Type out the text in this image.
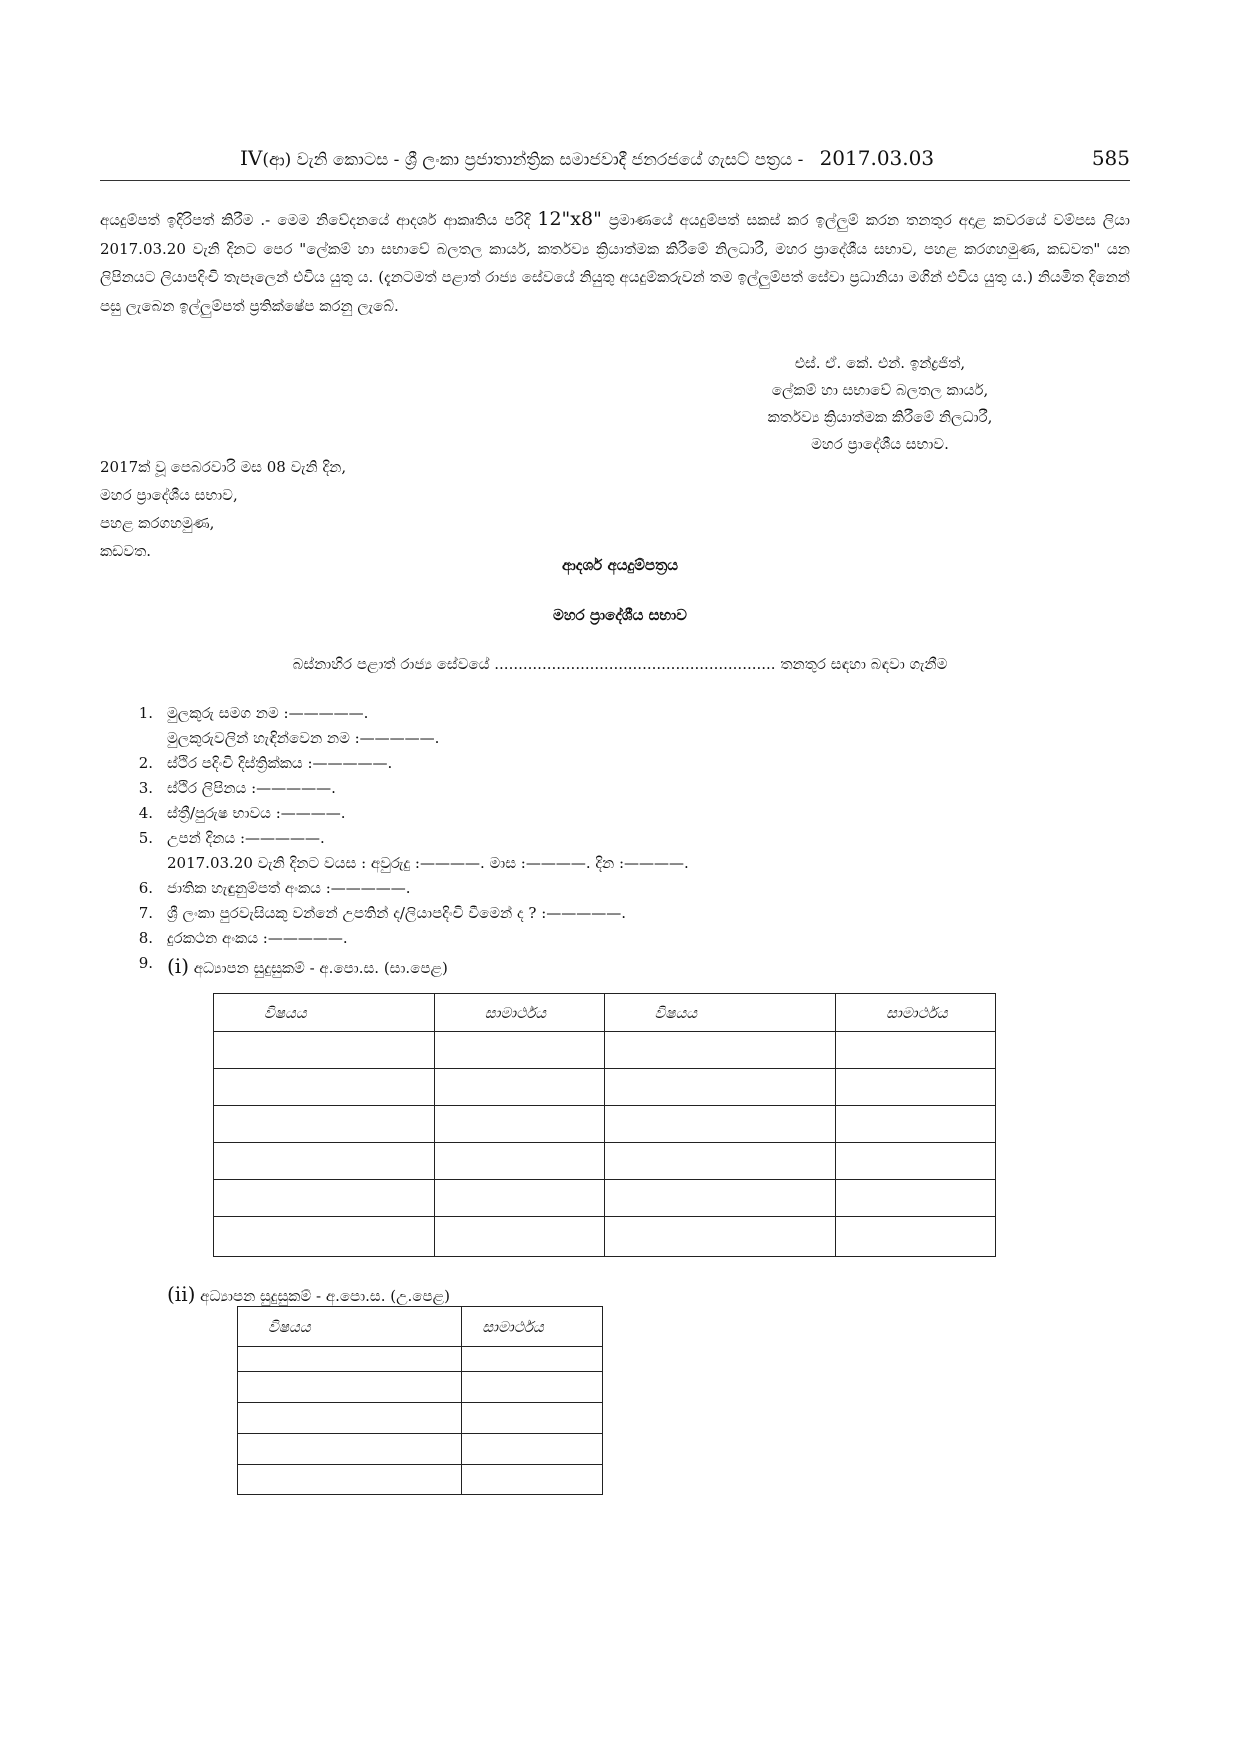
IV(ආ) වැනි කොටස - ශ්‍රී ලංකා ප්‍රජාතාන්ත්‍රික සමාජවාදී ජනරජයේ ගැසට් පත්‍රය -   2017.03.03	585
අයදුම්පත් ඉදිරිපත් කිරීම .- මෙම නිවේදනයේ ආදර්ශ ආකෘතිය පරිදි 12"x8" ප්‍රමාණයේ අයදුම්පත් සකස් කර ඉල්ලුම් කරන තනතුර අදාළ කවරයේ වම්පස ලියා 2017.03.20 වැනි දිනට පෙර "ලේකම් හා සභාවේ බලතල කාර්ය, කර්තව්‍ය ක්‍රියාත්මක කිරීමේ නිලධාරී, මහර ප්‍රාදේශීය සභාව, පහළ කරගහමුණ, කඩවත" යන ලිපිනයට ලියාපදිංචි තැපෑලෙන් එවිය යුතු ය. (දැනටමත් පළාත් රාජ්‍ය සේවයේ නියුතු අයදුම්කරුවන් තම ඉල්ලුම්පත් සේවා ප්‍රධානියා මගින් එවිය යුතු ය.) නියමිත දිනෙන් පසු ලැබෙන ඉල්ලුම්පත් ප්‍රතික්ෂේප කරනු ලැබේ.
එස්. ඒ. කේ. එන්. ඉන්ද්‍රජිත්,
ලේකම් හා සභාවේ බලතල කාර්ය,
කර්තව්‍ය ක්‍රියාත්මක කිරීමේ නිලධාරී,
මහර ප්‍රාදේශීය සභාව.
2017ක් වූ පෙබරවාරි මස 08 වැනි දින,
මහර ප්‍රාදේශීය සභාව,
පහළ කරගහමුණ,
කඩවත.
ආදර්ශ අයදුම්පත්‍රය
මහර ප්‍රාදේශීය සභාව
බස්නාහිර පළාත් රාජ්‍ය සේවයේ ........................................................... තනතුර සඳහා බඳවා ගැනීම
1. මුලකුරු සමග නම :—————.
මුලකුරුවලින් හැඳින්වෙන නම :—————.
2. ස්ථිර පදිංචි දිස්ත්‍රික්කය :—————.
3. ස්ථිර ලිපිනය :—————.
4. ස්ත්‍රී/පුරුෂ භාවය :————.
5. උපන් දිනය :—————.
2017.03.20 වැනි දිනට වයස : අවුරුදු :————. මාස :————. දින :————.
6. ජාතික හැඳුනුම්පත් අංකය :—————.
7. ශ්‍රී ලංකා පුරවැසියකු වන්නේ උපතින් ද/ලියාපදිංචි වීමෙන් ද ? :—————.
8. දුරකථන අංකය :—————.
9. (i) අධ්‍යාපන සුදුසුකම් - අ.පො.ස. (සා.පෙළ)
විෂයය	සාමාර්ථය	විෂයය	සාමාර්ථය

(ii) අධ්‍යාපන සුදුසුකම් - අ.පො.ස. (උ.පෙළ)
විෂයය	සාමාර්ථය
